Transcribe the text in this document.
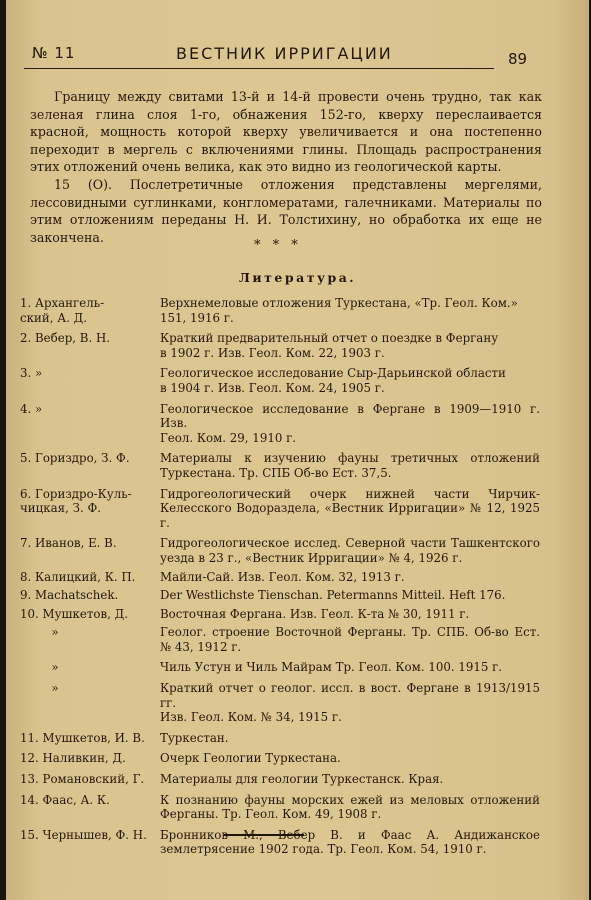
№ 11	ВЕСТНИК ИРРИГАЦИИ	89

Границу между свитами 13-й и 14-й провести очень трудно, так как зеленая глина слоя 1-го, обнажения 152-го, кверху переслаивается красной, мощность которой кверху увеличивается и она постепенно переходит в мергель с включениями глины. Площадь распространения этих отложений очень велика, как это видно из геологической карты.

15 (О). Послетретичные отложения представлены мергелями, лессовидными суглинками, конгломератами, галечниками. Материалы по этим отложениям переданы Н. И. Толстихину, но обработка их еще не закончена.

* * *
Литература.
1. Архангель-
ский, А. Д.
Верхнемеловые отложения Туркестана, «Тр. Геол. Ком.»
151, 1916 г.
2. Вебер, В. Н.	Краткий предварительный отчет о поездке в Фергану
в 1902 г. Изв. Геол. Ком. 22, 1903 г.
3. »	Геологическое исследование Сыр-Дарьинской области
в 1904 г. Изв. Геол. Ком. 24, 1905 г.
4. »	Геологическое исследование в Фергане в 1909—1910 г. Изв.
Геол. Ком. 29, 1910 г.
5. Гориздро, З. Ф.	Материалы к изучению фауны третичных отложений Туркестана. Тр. СПБ Об-во Ест. 37,5.
6. Гориздро-Куль-
чицкая, З. Ф.
Гидрогеологический очерк нижней части Чирчик-Келесского Водораздела, «Вестник Ирригации» № 12, 1925 г.
7. Иванов, Е. В.	Гидрогеологическое исслед. Северной части Ташкентского уезда в 23 г., «Вестник Ирригации» № 4, 1926 г.
8. Калицкий, К. П.	Майли-Сай. Изв. Геол. Ком. 32, 1913 г.
9. Machatschek.	Der Westlichste Tienschan. Petermanns Mitteil. Heft 176.
10. Мушкетов, Д.	Восточная Фергана. Изв. Геол. К-та № 30, 1911 г.
»	Геолог. строение Восточной Ферганы. Тр. СПБ. Об-во Ест. № 43, 1912 г.
»	Чиль Устун и Чиль Майрам Тр. Геол. Ком. 100. 1915 г.
»	Краткий отчет о геолог. иссл. в вост. Фергане в 1913/1915 гг.
Изв. Геол. Ком. № 34, 1915 г.
11. Мушкетов, И. В.	Туркестан.
12. Наливкин, Д.	Очерк Геологии Туркестана.
13. Романовский, Г.	Материалы для геологии Туркестанск. Края.
14. Фаас, А. К.	К познанию фауны морских ежей из меловых отложений Ферганы. Тр. Геол. Ком. 49, 1908 г.
15. Чернышев, Ф. Н.	Бронников М., Вебер В. и Фаас А. Андижанское землетрясение 1902 года. Тр. Геол. Ком. 54, 1910 г.
